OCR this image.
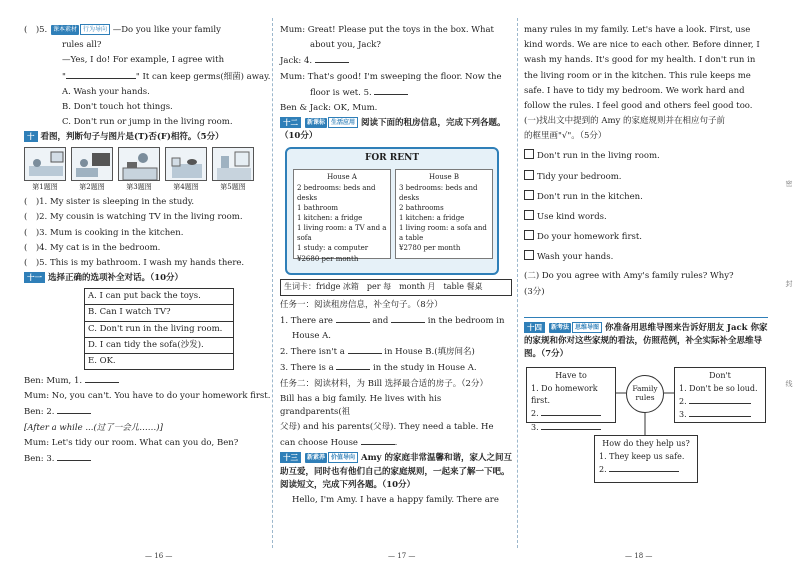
(　)5. 课本素材 行为导向 —Do you like your family
rules all?
—Yes, I do! For example, I agree with
"	" It can keep germs(细菌) away.
A. Wash your hands.
B. Don't touch hot things.
C. Don't run or jump in the living room.
十 看图，判断句子与图片是(T)否(F)相符。（5分）
第1题图	第2题图	第3题图	第4题图	第5题图
(　)1. My sister is sleeping in the study.
(　)2. My cousin is watching TV in the living room.
(　)3. Mum is cooking in the kitchen.
(　)4. My cat is in the bedroom.
(　)5. This is my bathroom. I wash my hands there.
十一 选择正确的选项补全对话。（10分）
A. I can put back the toys.
B. Can I watch TV?
C. Don't run in the living room.
D. I can tidy the sofa(沙发).
E. OK.
Ben: Mum, 1.
Mum: No, you can't. You have to do your homework first.
Ben: 2.
[After a while ...(过了一会儿……)]
Mum: Let's tidy our room. What can you do, Ben?
Ben: 3.
— 16 —
Mum: Great! Please put the toys in the box. What
about you, Jack?
Jack: 4.
Mum: That's good! I'm sweeping the floor. Now the
floor is wet. 5.
Ben & Jack: OK, Mum.
十二 新课标 生活应用 阅读下面的租房信息，完成下列各题。（10分）
FOR RENT
House A
2 bedrooms: beds and desks
1 bathroom
1 kitchen: a fridge
1 living room: a TV and a sofa
1 study: a computer
¥2680 per month
House B
3 bedrooms: beds and desks
2 bathrooms
1 kitchen: a fridge
1 living room: a sofa and a table
¥2780 per month
生词卡：fridge 冰箱　per 每　month 月　table 餐桌
任务一：阅读租房信息，补全句子。（8分）
1. There are	and	in the bedroom in
House A.
2. There isn't a	in House B.(填房间名)
3. There is a	in the study in House A.
任务二：阅读材料，为 Bill 选择最合适的房子。（2分）
Bill has a big family. He lives with his grandparents(祖
父母) and his parents(父母). They need a table. He
can choose House	.
十三 新素养 价值导向 Amy 的家庭非常温馨和谐，家人之间互助互爱，同时也有他们自己的家庭规则，一起来了解一下吧。阅读短文，完成下列各题。（10分）
Hello, I'm Amy. I have a happy family. There are
— 17 —
many rules in my family. Let's have a look. First, use
kind words. We are nice to each other. Before dinner, I
wash my hands. It's good for my health. I don't run in
the living room or in the kitchen. This rule keeps me
safe. I have to tidy my bedroom. We work hard and
follow the rules. I feel good and others feel good too.
(一)找出文中提到的 Amy 的家庭规则并在相应句子前
的框里画"√"。（5分）
Don't run in the living room.
Tidy your bedroom.
Don't run in the kitchen.
Use kind words.
Do your homework first.
Wash your hands.
(二) Do you agree with Amy's family rules? Why?
(3分)
十四 新考法 思维导图 你准备用思维导图来告诉好朋友 Jack 你家的家规和你对这些家规的看法，仿照范例，补全实际补全思维导图。（7分）
Have to
1. Do homework first.
2.
3.
Family rules
Don't
1. Don't be so loud.
2.
3.
How do they help us?
1. They keep us safe.
2.
— 18 —
密
封
线
